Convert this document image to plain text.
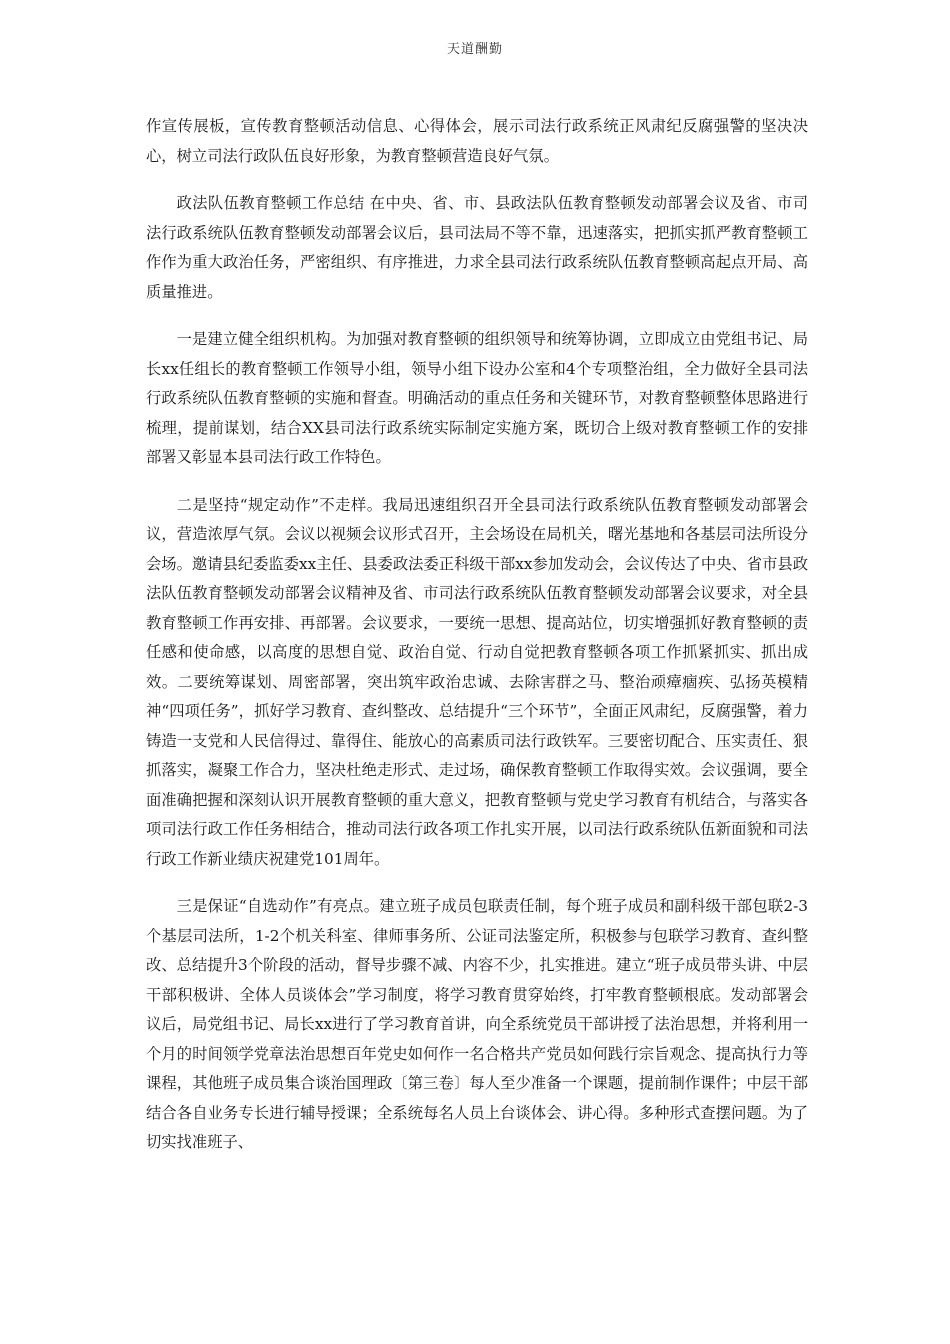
天道酬勤

作宣传展板，宣传教育整顿活动信息、心得体会，展示司法行政系统正风肃纪反腐强警的坚决决心，树立司法行政队伍良好形象，为教育整顿营造良好气氛。

政法队伍教育整顿工作总结 在中央、省、市、县政法队伍教育整顿发动部署会议及省、市司法行政系统队伍教育整顿发动部署会议后，县司法局不等不靠，迅速落实，把抓实抓严教育整顿工作作为重大政治任务，严密组织、有序推进，力求全县司法行政系统队伍教育整顿高起点开局、高质量推进。

一是建立健全组织机构。为加强对教育整顿的组织领导和统筹协调，立即成立由党组书记、局长xx任组长的教育整顿工作领导小组，领导小组下设办公室和4个专项整治组，全力做好全县司法行政系统队伍教育整顿的实施和督查。明确活动的重点任务和关键环节，对教育整顿整体思路进行梳理，提前谋划，结合XX县司法行政系统实际制定实施方案，既切合上级对教育整顿工作的安排部署又彰显本县司法行政工作特色。

二是坚持“规定动作”不走样。我局迅速组织召开全县司法行政系统队伍教育整顿发动部署会议，营造浓厚气氛。会议以视频会议形式召开，主会场设在局机关，曙光基地和各基层司法所设分会场。邀请县纪委监委xx主任、县委政法委正科级干部xx参加发动会，会议传达了中央、省市县政法队伍教育整顿发动部署会议精神及省、市司法行政系统队伍教育整顿发动部署会议要求，对全县教育整顿工作再安排、再部署。会议要求，一要统一思想、提高站位，切实增强抓好教育整顿的责任感和使命感，以高度的思想自觉、政治自觉、行动自觉把教育整顿各项工作抓紧抓实、抓出成效。二要统筹谋划、周密部署，突出筑牢政治忠诚、去除害群之马、整治顽瘴痼疾、弘扬英模精神“四项任务”，抓好学习教育、查纠整改、总结提升“三个环节”，全面正风肃纪，反腐强警，着力铸造一支党和人民信得过、靠得住、能放心的高素质司法行政铁军。三要密切配合、压实责任、狠抓落实，凝聚工作合力，坚决杜绝走形式、走过场，确保教育整顿工作取得实效。会议强调，要全面准确把握和深刻认识开展教育整顿的重大意义，把教育整顿与党史学习教育有机结合，与落实各项司法行政工作任务相结合，推动司法行政各项工作扎实开展，以司法行政系统队伍新面貌和司法行政工作新业绩庆祝建党101周年。

三是保证“自选动作”有亮点。建立班子成员包联责任制，每个班子成员和副科级干部包联2-3个基层司法所，1-2个机关科室、律师事务所、公证司法鉴定所，积极参与包联学习教育、查纠整改、总结提升3个阶段的活动，督导步骤不减、内容不少，扎实推进。建立“班子成员带头讲、中层干部积极讲、全体人员谈体会”学习制度，将学习教育贯穿始终，打牢教育整顿根底。发动部署会议后，局党组书记、局长xx进行了学习教育首讲，向全系统党员干部讲授了法治思想，并将利用一个月的时间领学党章法治思想百年党史如何作一名合格共产党员如何践行宗旨观念、提高执行力等课程，其他班子成员集合谈治国理政〔第三卷〕每人至少准备一个课题，提前制作课件；中层干部结合各自业务专长进行辅导授课；全系统每名人员上台谈体会、讲心得。多种形式查摆问题。为了切实找准班子、
